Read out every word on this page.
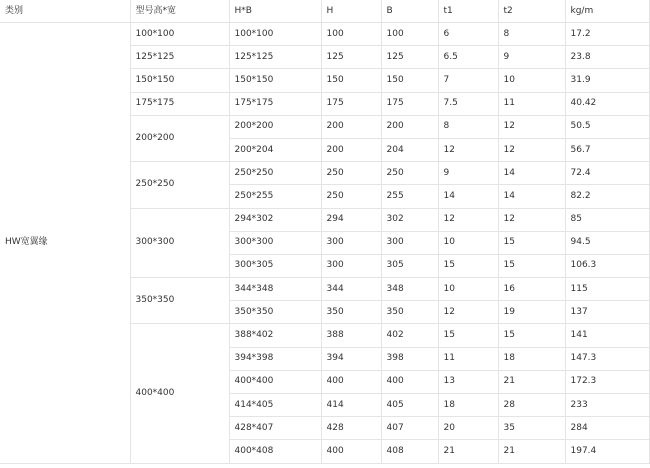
类别	型号高*宽	H*B	H	B	t1	t2	kg/m
HW宽翼缘	100*100	100*100	100	100	6	8	17.2
	125*125	125*125	125	125	6.5	9	23.8
	150*150	150*150	150	150	7	10	31.9
	175*175	175*175	175	175	7.5	11	40.42
	200*200	200*200	200	200	8	12	50.5
		200*204	200	204	12	12	56.7
	250*250	250*250	250	250	9	14	72.4
		250*255	250	255	14	14	82.2
	300*300	294*302	294	302	12	12	85
		300*300	300	300	10	15	94.5
		300*305	300	305	15	15	106.3
	350*350	344*348	344	348	10	16	115
		350*350	350	350	12	19	137
	400*400	388*402	388	402	15	15	141
		394*398	394	398	11	18	147.3
		400*400	400	400	13	21	172.3
		414*405	414	405	18	28	233
		428*407	428	407	20	35	284
		400*408	400	408	21	21	197.4
